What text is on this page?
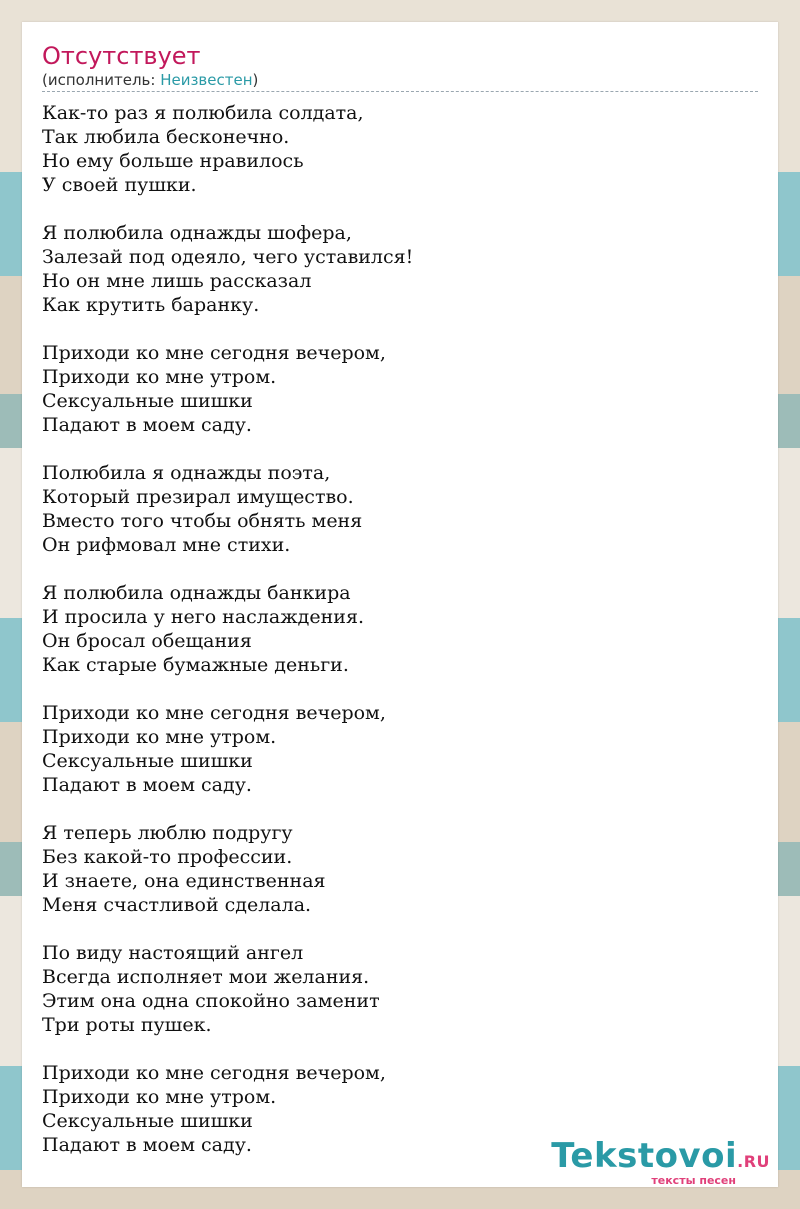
Отсутствует
(исполнитель: Неизвестен)
Как-то раз я полюбила солдата,
Так любила бесконечно.
Но ему больше нравилось
У своей пушки.
Я полюбила однажды шофера,
Залезай под одеяло, чего уставился!
Но он мне лишь рассказал
Как крутить баранку.
Приходи ко мне сегодня вечером,
Приходи ко мне утром.
Сексуальные шишки
Падают в моем саду.
Полюбила я однажды поэта,
Который презирал имущество.
Вместо того чтобы обнять меня
Он рифмовал мне стихи.
Я полюбила однажды банкира
И просила у него наслаждения.
Он бросал обещания
Как старые бумажные деньги.
Приходи ко мне сегодня вечером,
Приходи ко мне утром.
Сексуальные шишки
Падают в моем саду.
Я теперь люблю подругу
Без какой-то профессии.
И знаете, она единственная
Меня счастливой сделала.
По виду настоящий ангел
Всегда исполняет мои желания.
Этим она одна спокойно заменит
Три роты пушек.
Приходи ко мне сегодня вечером,
Приходи ко мне утром.
Сексуальные шишки
Падают в моем саду.	Tekstovoi.RU
тексты песен
